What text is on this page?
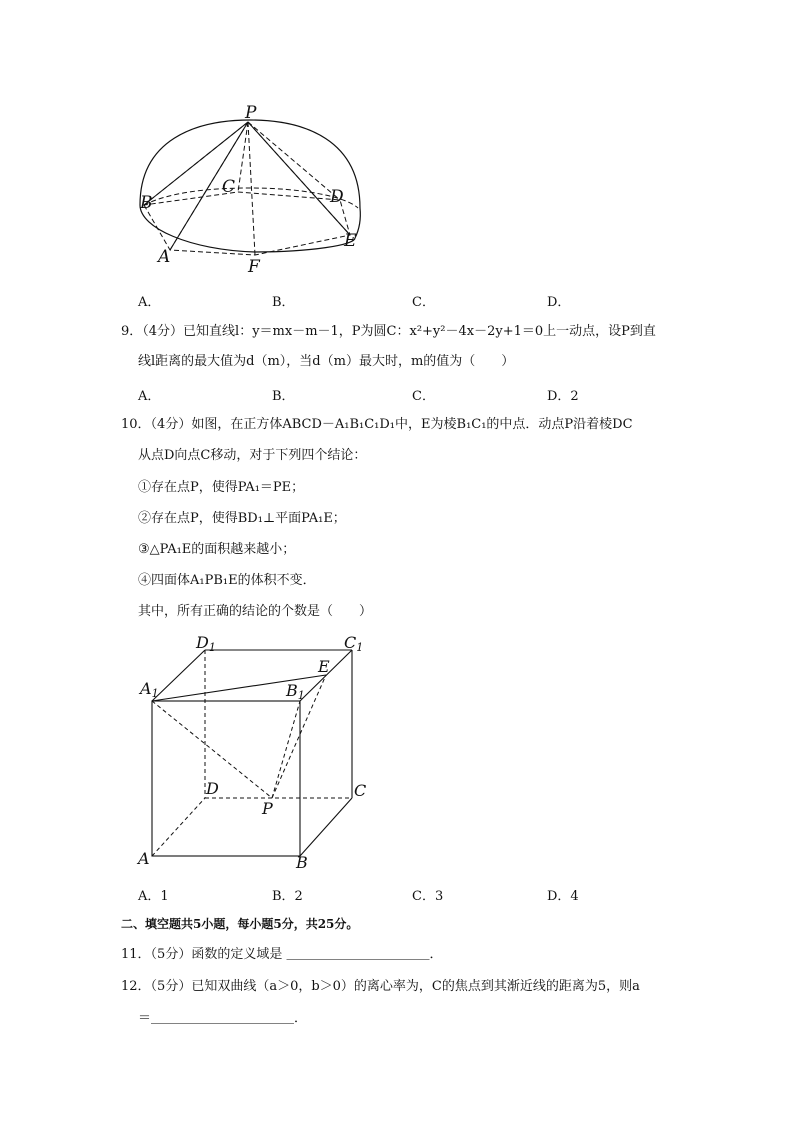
P
B
C	D
A	F
E
A．	B．	C．	D．
9．（4分）已知直线l：y＝mx－m－1，P为圆C：x²+y²－4x－2y+1＝0上一动点，设P到直
线l距离的最大值为d（m），当d（m）最大时，m的值为（　　）
A．	B．	C．	D．2
10．（4分）如图，在正方体ABCD－A₁B₁C₁D₁中，E为棱B₁C₁的中点．动点P沿着棱DC
从点D向点C移动，对于下列四个结论：
①存在点P，使得PA₁＝PE；
②存在点P，使得BD₁⊥平面PA₁E；
③△PA₁E的面积越来越小；
④四面体A₁PB₁E的体积不变．
其中，所有正确的结论的个数是（　　）
D1	C1
A1	B1
E
D	C
P
A	B
A．1	B．2	C．3	D．4
二、填空题共5小题，每小题5分，共25分。
11．（5分）函数的定义域是 ＿＿＿＿＿＿＿＿＿＿＿．
12．（5分）已知双曲线（a＞0，b＞0）的离心率为，C的焦点到其渐近线的距离为5，则a
＝＿＿＿＿＿＿＿＿＿＿＿．
